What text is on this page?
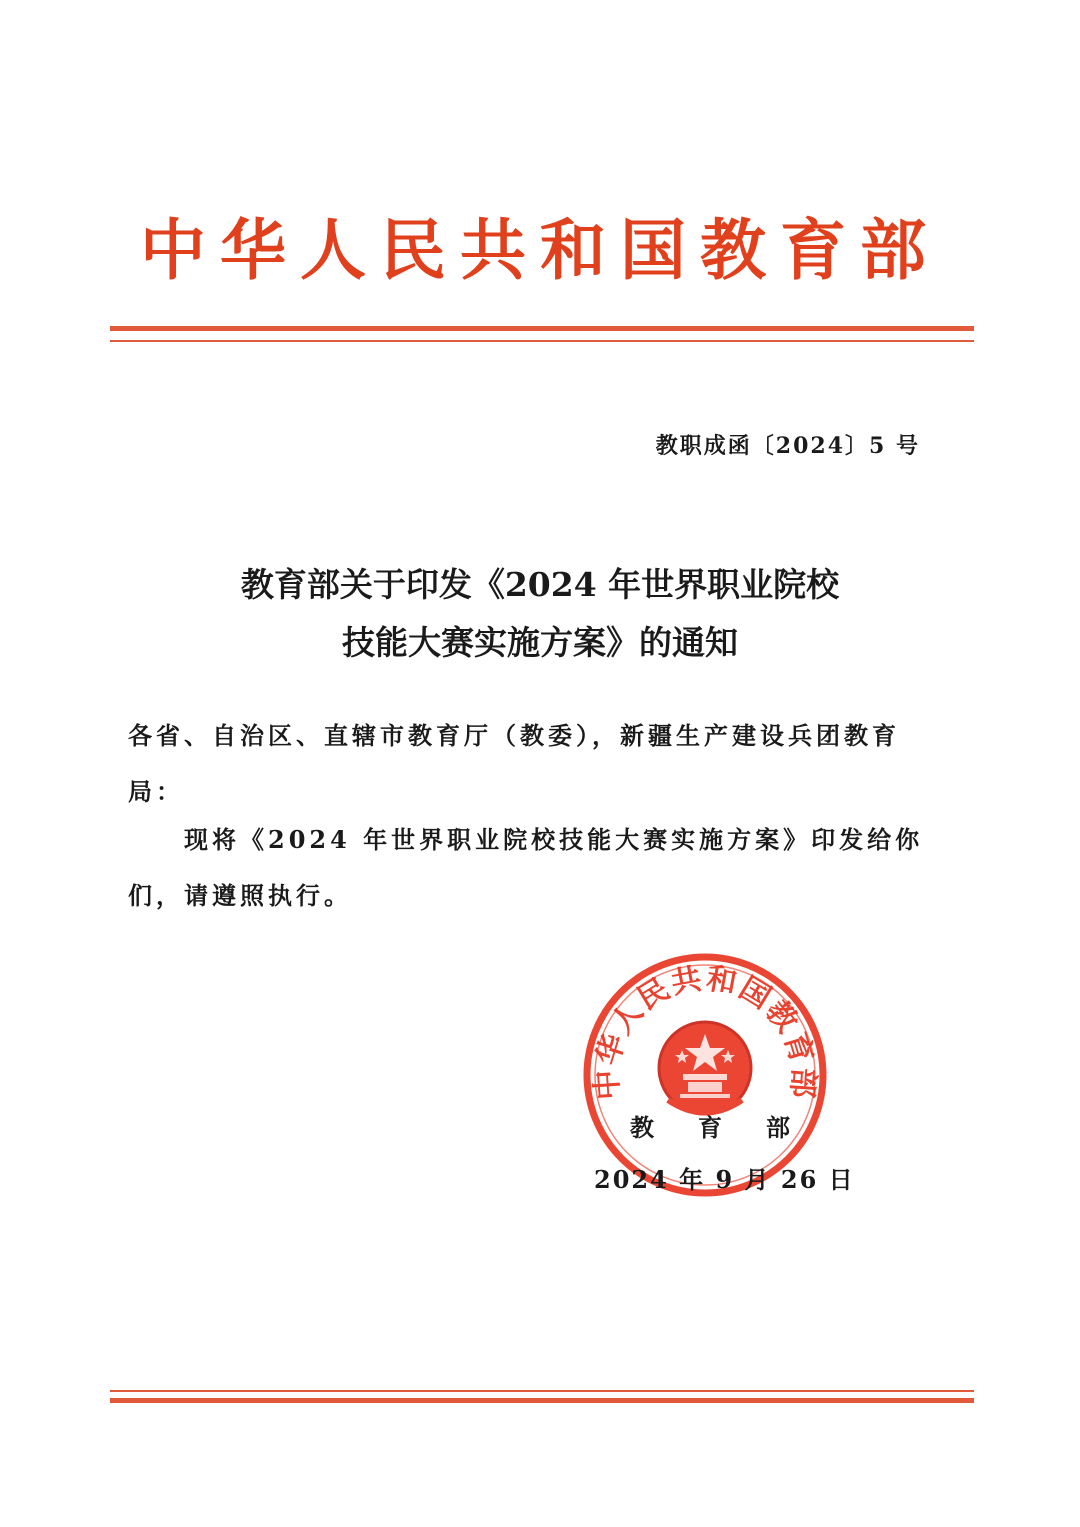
中华人民共和国教育部
教职成函〔2024〕5 号
教育部关于印发《2024 年世界职业院校
技能大赛实施方案》的通知
各省、自治区、直辖市教育厅（教委），新疆生产建设兵团教育局：
现将《2024 年世界职业院校技能大赛实施方案》印发给你们，请遵照执行。
中华人民共和国教育部
教 育 部
2024 年 9 月 26 日
